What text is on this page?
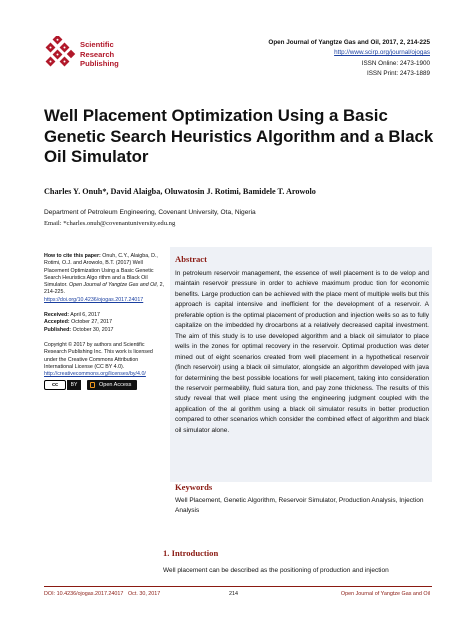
Scientific
Research
Publishing
Open Journal of Yangtze Gas and Oil, 2017, 2, 214-225
http://www.scirp.org/journal/ojogas
ISSN Online: 2473-1900
ISSN Print: 2473-1889
Well Placement Optimization Using a Basic Genetic Search Heuristics Algorithm and a Black Oil Simulator
Charles Y. Onuh*, David Alaigba, Oluwatosin J. Rotimi, Bamidele T. Arowolo
Department of Petroleum Engineering, Covenant University, Ota, Nigeria
Email: *charles.onuh@covenantuniversity.edu.ng
How to cite this paper: Onuh, C.Y., Alaigba, D., Rotimi, O.J. and Arowolo, B.T. (2017) Well Placement Optimization Using a Basic Genetic Search Heuristics Algo rithm and a Black Oil Simulator. Open Journal of Yangtze Gas and Oil, 2, 214-225.
https://doi.org/10.4236/ojogas.2017.24017
Received: April 6, 2017
Accepted: October 27, 2017
Published: October 30, 2017
Copyright © 2017 by authors and Scientific Research Publishing Inc. This work is licensed under the Creative Commons Attribution International License (CC BY 4.0).
http://creativecommons.org/licenses/by/4.0/
cc	BY	Open Access
Abstract

In petroleum reservoir management, the essence of well placement is to de velop and maintain reservoir pressure in order to achieve maximum produc tion for economic benefits. Large production can be achieved with the place ment of multiple wells but this approach is capital intensive and inefficient for the development of a reservoir. A preferable option is the optimal placement of production and injection wells so as to fully capitalize on the imbedded hy drocarbons at a relatively decreased capital investment. The aim of this study is to use developed algorithm and a black oil simulator to place wells in the zones for optimal recovery in the reservoir. Optimal production was deter mined out of eight scenarios created from well placement in a hypothetical reservoir (finch reservoir) using a black oil simulator, alongside an algorithm developed with java for determining the best possible locations for well placement, taking into consideration the reservoir permeability, fluid satura tion, and pay zone thickness. The results of this study reveal that well place ment using the engineering judgment coupled with the application of the al gorithm using a black oil simulator results in better production compared to other scenarios which consider the combined effect of algorithm and black oil simulator alone.

Keywords

Well Placement, Genetic Algorithm, Reservoir Simulator, Production Analysis, Injection Analysis

1. Introduction

Well placement can be described as the positioning of production and injection

DOI: 10.4236/ojogas.2017.24017 Oct. 30, 2017	214	Open Journal of Yangtze Gas and Oil
